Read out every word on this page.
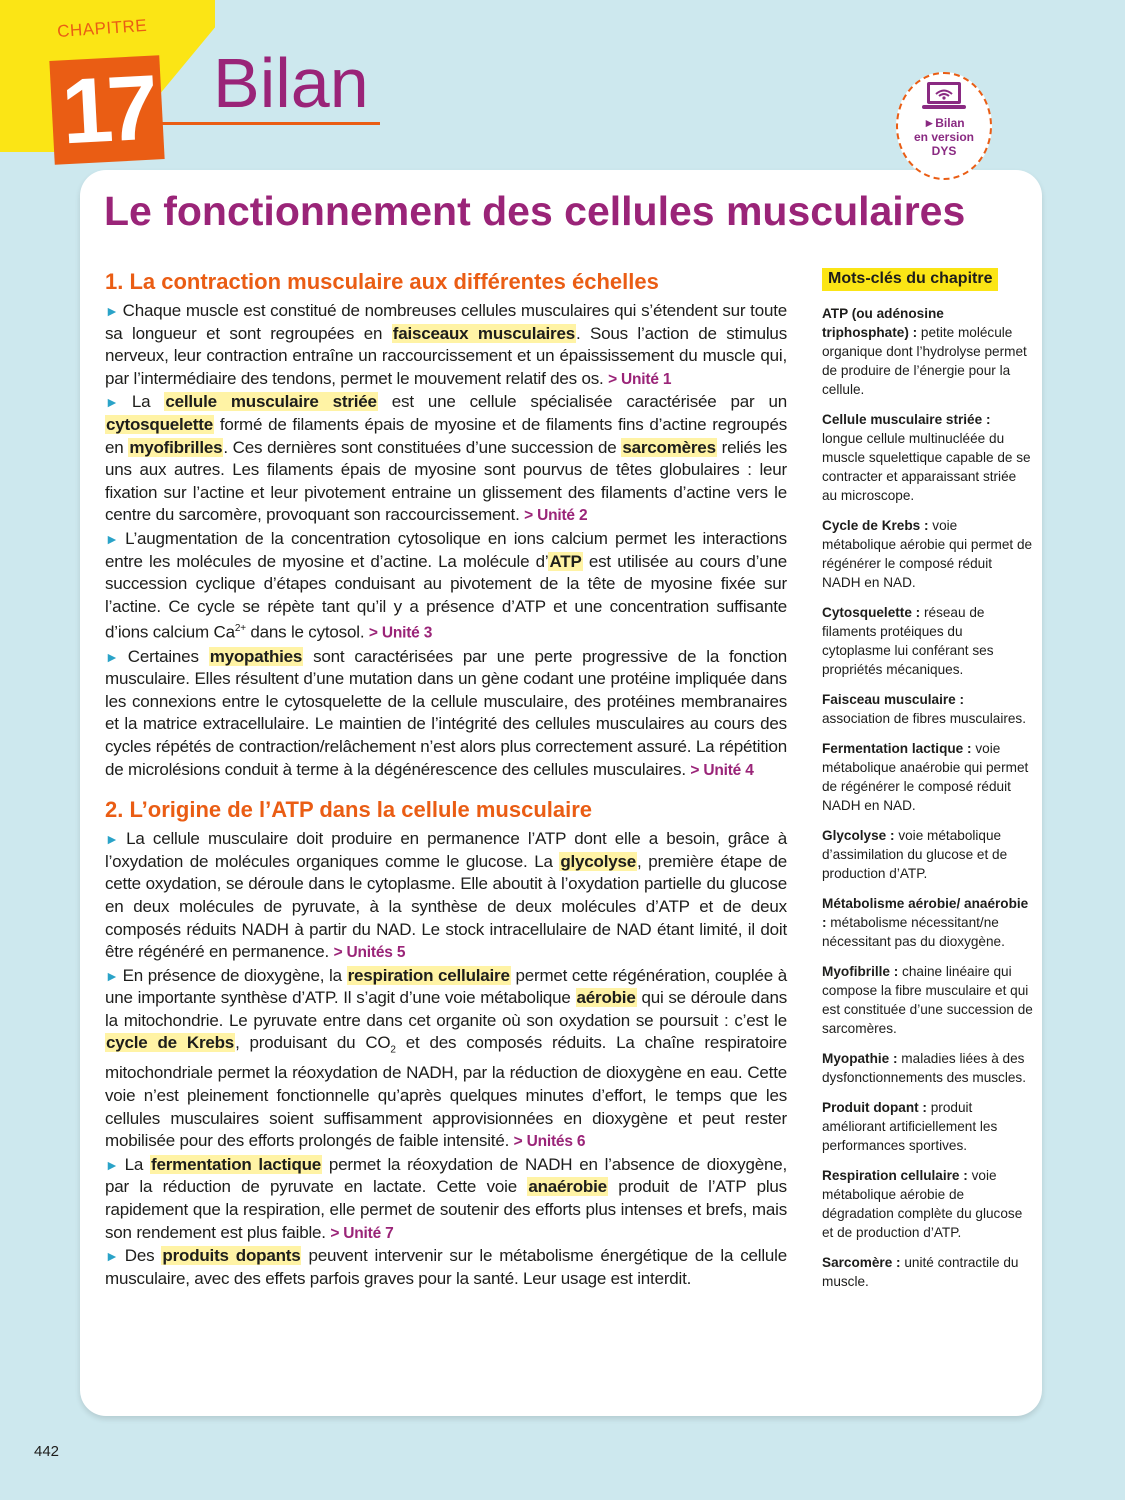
CHAPITRE
17 Bilan
►Bilan
en version
DYS
Le fonctionnement des cellules musculaires
1. La contraction musculaire aux différentes échelles

► Chaque muscle est constitué de nombreuses cellules musculaires qui s’étendent sur toute sa longueur et sont regroupées en faisceaux musculaires. Sous l’action de stimulus nerveux, leur contraction entraîne un raccourcissement et un épaississement du muscle qui, par l’intermédiaire des tendons, permet le mouvement relatif des os. > Unité 1

► La cellule musculaire striée est une cellule spécialisée caractérisée par un cytosquelette formé de filaments épais de myosine et de filaments fins d’actine regroupés en myofibrilles. Ces dernières sont constituées d’une succession de sarcomères reliés les uns aux autres. Les filaments épais de myosine sont pourvus de têtes globulaires : leur fixation sur l’actine et leur pivotement entraine un glissement des filaments d’actine vers le centre du sarcomère, provoquant son raccourcissement. > Unité 2

► L’augmentation de la concentration cytosolique en ions calcium permet les interactions entre les molécules de myosine et d’actine. La molécule d’ATP est utilisée au cours d’une succession cyclique d’étapes conduisant au pivotement de la tête de myosine fixée sur l’actine. Ce cycle se répète tant qu’il y a présence d’ATP et une concentration suffisante d’ions calcium $Ca^{2+}$ dans le cytosol. > Unité 3

► Certaines myopathies sont caractérisées par une perte progressive de la fonction musculaire. Elles résultent d’une mutation dans un gène codant une protéine impliquée dans les connexions entre le cytosquelette de la cellule musculaire, des protéines membranaires et la matrice extracellulaire. Le maintien de l’intégrité des cellules musculaires au cours des cycles répétés de contraction/relâchement n’est alors plus correctement assuré. La répétition de microlésions conduit à terme à la dégénérescence des cellules musculaires. > Unité 4

2. L’origine de l’ATP dans la cellule musculaire

► La cellule musculaire doit produire en permanence l’ATP dont elle a besoin, grâce à l’oxydation de molécules organiques comme le glucose. La glycolyse, première étape de cette oxydation, se déroule dans le cytoplasme. Elle aboutit à l’oxydation partielle du glucose en deux molécules de pyruvate, à la synthèse de deux molécules d’ATP et de deux composés réduits NADH à partir du NAD. Le stock intracellulaire de NAD étant limité, il doit être régénéré en permanence. > Unités 5

► En présence de dioxygène, la respiration cellulaire permet cette régénération, couplée à une importante synthèse d’ATP. Il s’agit d’une voie métabolique aérobie qui se déroule dans la mitochondrie. Le pyruvate entre dans cet organite où son oxydation se poursuit : c’est le cycle de Krebs, produisant du $CO_2$ et des composés réduits. La chaîne respiratoire mitochondriale permet la réoxydation de NADH, par la réduction de dioxygène en eau. Cette voie n’est pleinement fonctionnelle qu’après quelques minutes d’effort, le temps que les cellules musculaires soient suffisamment approvisionnées en dioxygène et peut rester mobilisée pour des efforts prolongés de faible intensité. > Unités 6

► La fermentation lactique permet la réoxydation de NADH en l’absence de dioxygène, par la réduction de pyruvate en lactate. Cette voie anaérobie produit de l’ATP plus rapidement que la respiration, elle permet de soutenir des efforts plus intenses et brefs, mais son rendement est plus faible. > Unité 7

► Des produits dopants peuvent intervenir sur le métabolisme énergétique de la cellule musculaire, avec des effets parfois graves pour la santé. Leur usage est interdit.

Mots-clés du chapitre

ATP (ou adénosine triphosphate) : petite molécule organique dont l’hydrolyse permet de produire de l’énergie pour la cellule.

Cellule musculaire striée : longue cellule multinucléée du muscle squelettique capable de se contracter et apparaissant striée au microscope.

Cycle de Krebs : voie métabolique aérobie qui permet de régénérer le composé réduit NADH en NAD.

Cytosquelette : réseau de filaments protéiques du cytoplasme lui conférant ses propriétés mécaniques.

Faisceau musculaire : association de fibres musculaires.

Fermentation lactique : voie métabolique anaérobie qui permet de régénérer le composé réduit NADH en NAD.

Glycolyse : voie métabolique d’assimilation du glucose et de production d’ATP.

Métabolisme aérobie/ anaérobie : métabolisme nécessitant/ne nécessitant pas du dioxygène.

Myofibrille : chaine linéaire qui compose la fibre musculaire et qui est constituée d’une succession de sarcomères.

Myopathie : maladies liées à des dysfonctionnements des muscles.

Produit dopant : produit améliorant artificiellement les performances sportives.

Respiration cellulaire : voie métabolique aérobie de dégradation complète du glucose et de production d’ATP.

Sarcomère : unité contractile du muscle.

442
